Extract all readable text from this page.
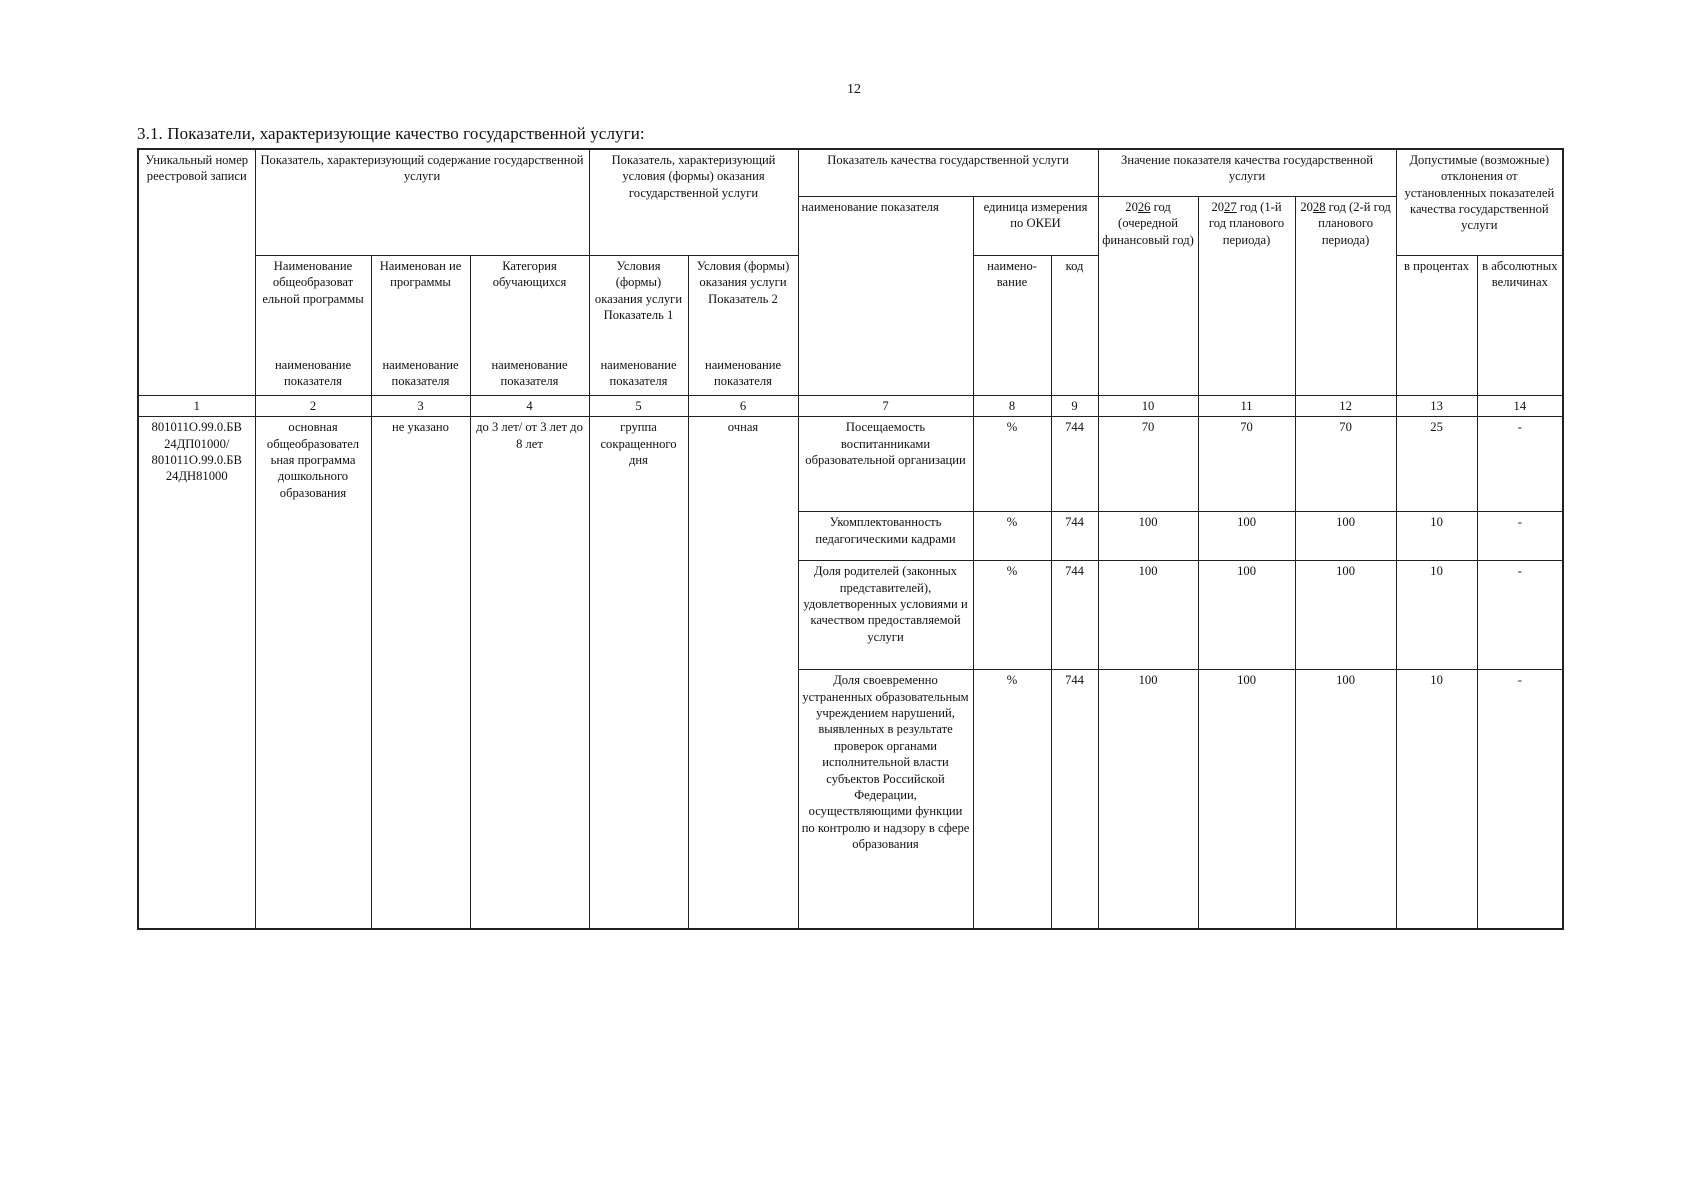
12
3.1. Показатели, характеризующие качество государственной услуги:
Уникальный номер реестровой записи	Показатель, характеризующий содержание государственной услуги			Показатель, характеризующий условия (формы) оказания государственной услуги		Показатель качества государственной услуги			Значение показателя качества государственной услуги			Допустимые (возможные) отклонения от установленных показателей качества государственной услуги	
						наименование показателя	единица измерения по ОКЕИ		2026 год (очередной финансовый год)	2027 год (1-й год планового периода)	2028 год (2-й год планового периода)		
	Наименование общеобразоват ельной программы	Наименован ие программы	Категория обучающихся	Условия (формы) оказания услуги Показатель 1	Условия (формы) оказания услуги Показатель 2		наимено-вание	код				в процентах	в абсолютных величинах
	наименование показателя	наименование показателя	наименование показателя	наименование показателя	наименование показателя								
1	2	3	4	5	6	7	8	9	10	11	12	13	14
801011О.99.0.БВ 24ДП01000/ 801011О.99.0.БВ 24ДН81000	основная общеобразовател ьная программа дошкольного образования	не указано	до 3 лет/ от 3 лет до 8 лет	группа сокращенного дня	очная	Посещаемость воспитанниками образовательной организации	%	744	70	70	70	25	-
						Укомплектованность педагогическими кадрами	%	744	100	100	100	10	-
						Доля родителей (законных представителей), удовлетворенных условиями и качеством предоставляемой услуги	%	744	100	100	100	10	-
						Доля своевременно устраненных образовательным учреждением нарушений, выявленных в результате проверок органами исполнительной власти субъектов Российской Федерации, осуществляющими функции по контролю и надзору в сфере образования	%	744	100	100	100	10	-
